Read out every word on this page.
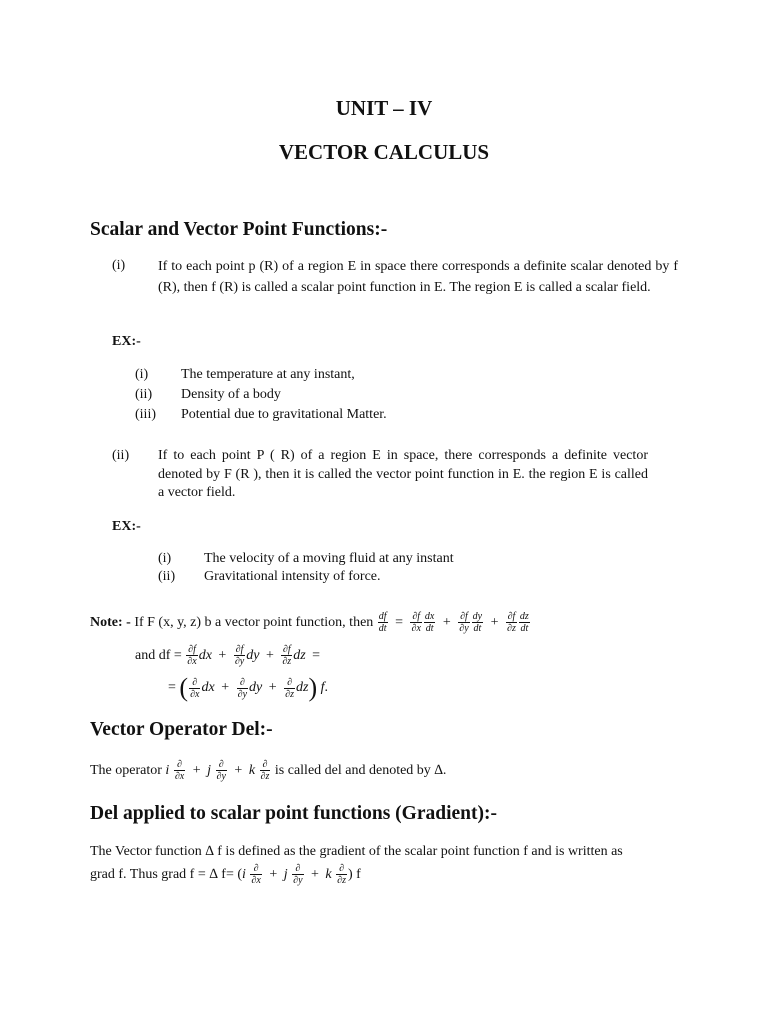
UNIT – IV
VECTOR CALCULUS
Scalar and Vector Point Functions:-
(i) If to each point p (R) of a region E in space there corresponds a definite scalar denoted by f (R), then f (R) is called a scalar point function in E. The region E is called a scalar field.
EX:-
(i) The temperature at any instant,
(ii) Density of a body
(iii) Potential due to gravitational Matter.
(ii) If to each point P ( R) of a region E in space, there corresponds a definite vector denoted by F (R ), then it is called the vector point function in E. the region E is called a vector field.
EX:-
(i) The velocity of a moving fluid at any instant
(ii) Gravitational intensity of force.
Note: - If F (x, y, z) b a vector point function, then $\frac{df}{dt} = \frac{\partial f}{\partial x} \frac{dx}{dt} + \frac{\partial f}{\partial y} \frac{dy}{dt} + \frac{\partial f}{\partial z} \frac{dz}{dt}$
and df = $\frac{\partial f}{\partial x}$ dx + $\frac{\partial f}{\partial y}$ dy + $\frac{\partial f}{\partial z}$ dz =
= ( $\frac{\partial}{\partial x}$ dx + $\frac{\partial}{\partial y}$ dy + $\frac{\partial}{\partial z} dz$) f.
Vector Operator Del:-
The operator i $\frac{\partial}{\partial x} + j \frac{\partial}{\partial y} + k \frac{\partial}{\partial z}$ is called del and denoted by ∆.
Del applied to scalar point functions (Gradient):-
The Vector function ∆ f is defined as the gradient of the scalar point function f and is written as
grad f. Thus grad f = ∆ $f= (i \frac{\partial}{\partial x} + j \frac{\partial}{\partial y} + k \frac{\partial}{\partial z}$ ) f
